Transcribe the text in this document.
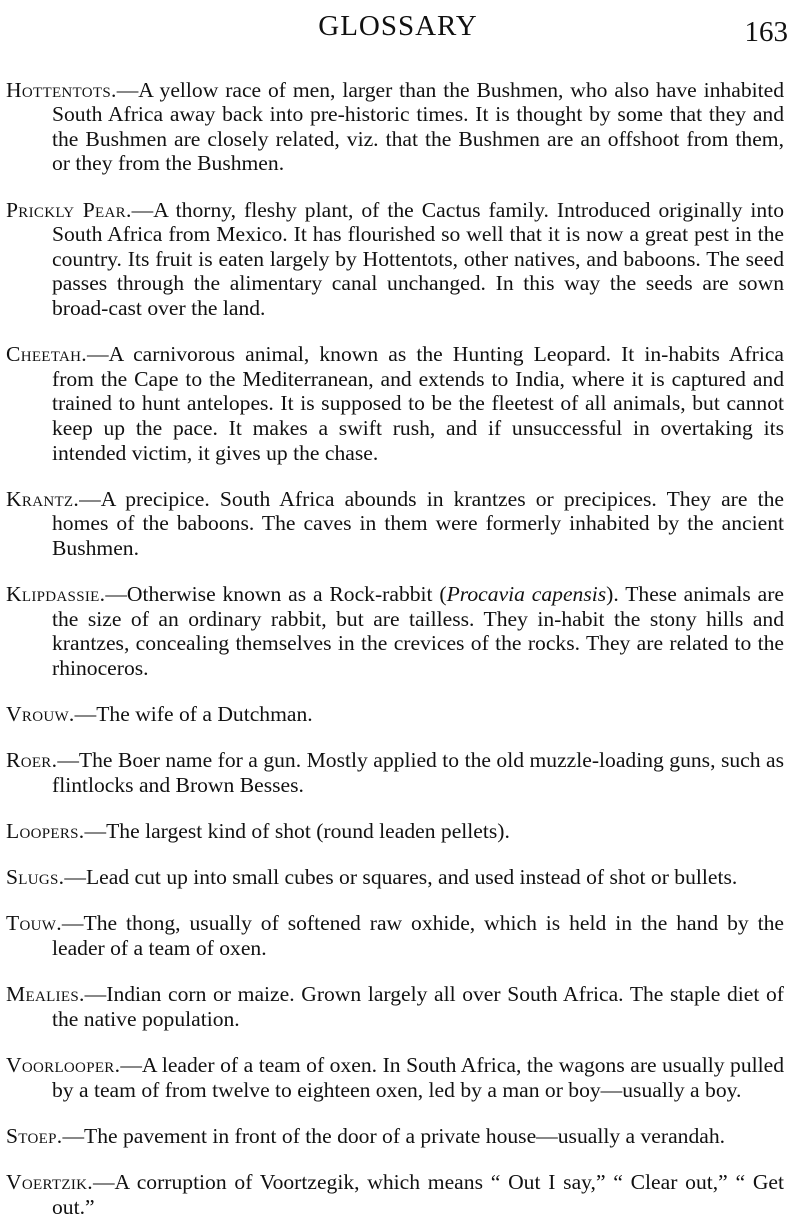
GLOSSARY	163

Hottentots.—A yellow race of men, larger than the Bushmen, who also have inhabited South Africa away back into pre-historic times. It is thought by some that they and the Bushmen are closely related, viz. that the Bushmen are an offshoot from them, or they from the Bushmen.

Prickly Pear.—A thorny, fleshy plant, of the Cactus family. Introduced originally into South Africa from Mexico. It has flourished so well that it is now a great pest in the country. Its fruit is eaten largely by Hottentots, other natives, and baboons. The seed passes through the alimentary canal unchanged. In this way the seeds are sown broad-cast over the land.

Cheetah.—A carnivorous animal, known as the Hunting Leopard. It in-habits Africa from the Cape to the Mediterranean, and extends to India, where it is captured and trained to hunt antelopes. It is supposed to be the fleetest of all animals, but cannot keep up the pace. It makes a swift rush, and if unsuccessful in overtaking its intended victim, it gives up the chase.

Krantz.—A precipice. South Africa abounds in krantzes or precipices. They are the homes of the baboons. The caves in them were formerly inhabited by the ancient Bushmen.

Klipdassie.—Otherwise known as a Rock-rabbit (Procavia capensis). These animals are the size of an ordinary rabbit, but are tailless. They in-habit the stony hills and krantzes, concealing themselves in the crevices of the rocks. They are related to the rhinoceros.

Vrouw.—The wife of a Dutchman.

Roer.—The Boer name for a gun. Mostly applied to the old muzzle-loading guns, such as flintlocks and Brown Besses.

Loopers.—The largest kind of shot (round leaden pellets).

Slugs.—Lead cut up into small cubes or squares, and used instead of shot or bullets.

Touw.—The thong, usually of softened raw oxhide, which is held in the hand by the leader of a team of oxen.

Mealies.—Indian corn or maize. Grown largely all over South Africa. The staple diet of the native population.

Voorlooper.—A leader of a team of oxen. In South Africa, the wagons are usually pulled by a team of from twelve to eighteen oxen, led by a man or boy—usually a boy.

Stoep.—The pavement in front of the door of a private house—usually a verandah.

Voertzik.—A corruption of Voortzegik, which means “ Out I say,” “ Clear out,” “ Get out.”
